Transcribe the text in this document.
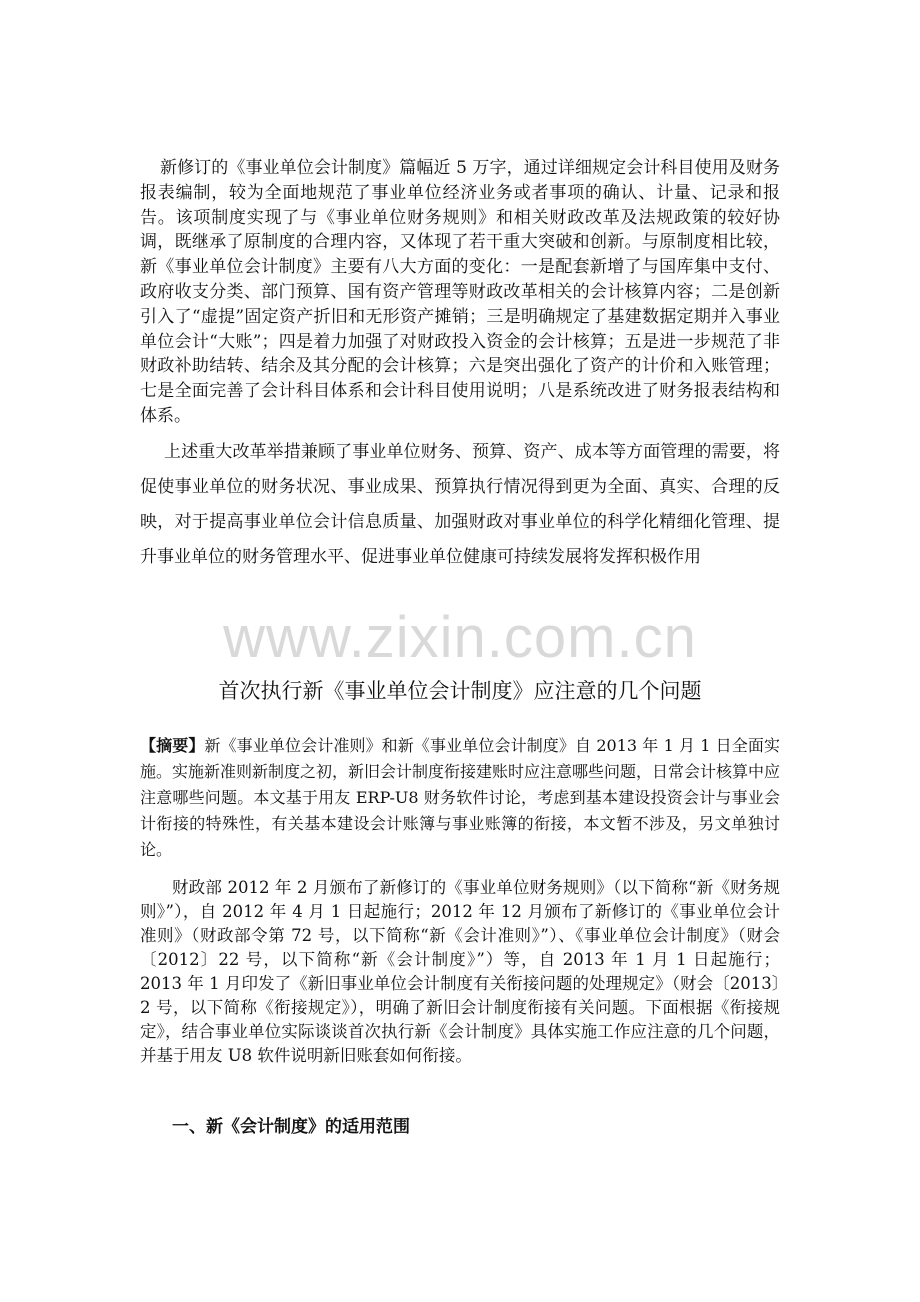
新修订的《事业单位会计制度》篇幅近 5 万字，通过详细规定会计科目使用及财务报表编制，较为全面地规范了事业单位经济业务或者事项的确认、计量、记录和报告。该项制度实现了与《事业单位财务规则》和相关财政改革及法规政策的较好协调，既继承了原制度的合理内容，又体现了若干重大突破和创新。与原制度相比较，新《事业单位会计制度》主要有八大方面的变化：一是配套新增了与国库集中支付、政府收支分类、部门预算、国有资产管理等财政改革相关的会计核算内容；二是创新引入了“虚提”固定资产折旧和无形资产摊销；三是明确规定了基建数据定期并入事业单位会计“大账”；四是着力加强了对财政投入资金的会计核算；五是进一步规范了非财政补助结转、结余及其分配的会计核算；六是突出强化了资产的计价和入账管理；七是全面完善了会计科目体系和会计科目使用说明；八是系统改进了财务报表结构和体系。

上述重大改革举措兼顾了事业单位财务、预算、资产、成本等方面管理的需要，将促使事业单位的财务状况、事业成果、预算执行情况得到更为全面、真实、合理的反映，对于提高事业单位会计信息质量、加强财政对事业单位的科学化精细化管理、提升事业单位的财务管理水平、促进事业单位健康可持续发展将发挥积极作用

www.zixin.com.cn
首次执行新《事业单位会计制度》应注意的几个问题

【摘要】新《事业单位会计准则》和新《事业单位会计制度》自 2013 年 1 月 1 日全面实施。实施新准则新制度之初，新旧会计制度衔接建账时应注意哪些问题，日常会计核算中应注意哪些问题。本文基于用友 ERP-U8 财务软件讨论，考虑到基本建设投资会计与事业会计衔接的特殊性，有关基本建设会计账簿与事业账簿的衔接，本文暂不涉及，另文单独讨论。

财政部 2012 年 2 月颁布了新修订的《事业单位财务规则》（以下简称“新《财务规则》”），自 2012 年 4 月 1 日起施行；2012 年 12 月颁布了新修订的《事业单位会计准则》（财政部令第 72 号，以下简称“新《会计准则》”）、《事业单位会计制度》（财会〔2012〕22 号，以下简称“新《会计制度》”）等，自 2013 年 1 月 1 日起施行；2013 年 1 月印发了《新旧事业单位会计制度有关衔接问题的处理规定》（财会〔2013〕2 号，以下简称《衔接规定》），明确了新旧会计制度衔接有关问题。下面根据《衔接规定》，结合事业单位实际谈谈首次执行新《会计制度》具体实施工作应注意的几个问题，并基于用友 U8 软件说明新旧账套如何衔接。

一、新《会计制度》的适用范围
